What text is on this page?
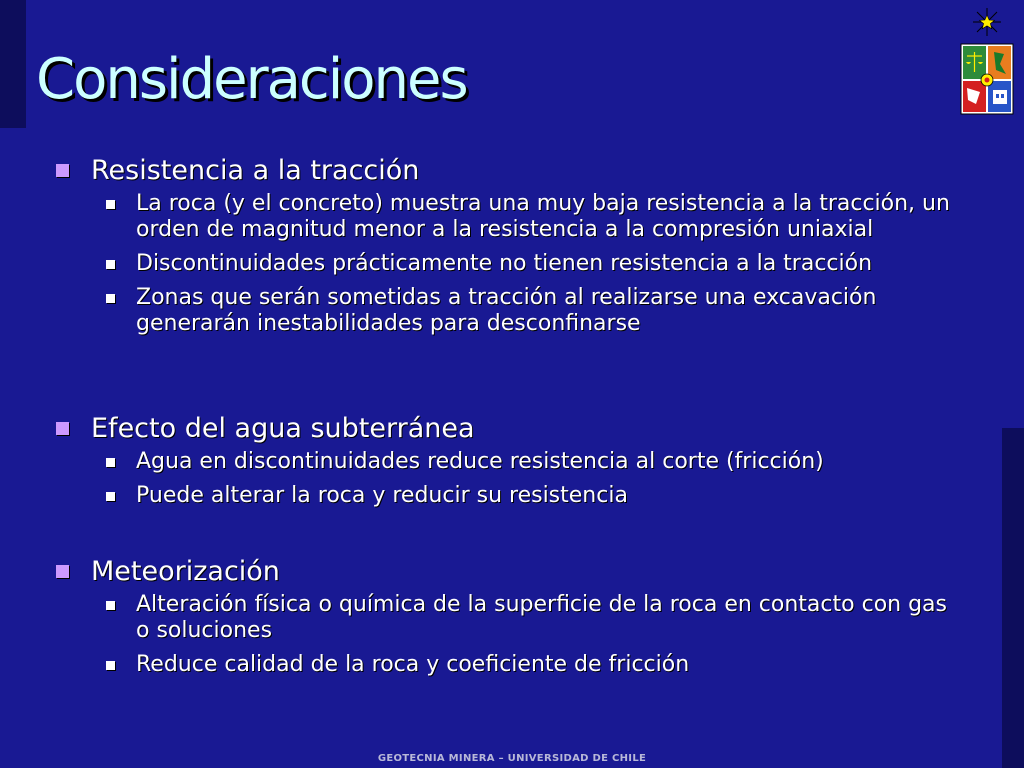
Consideraciones
Resistencia a la tracción
La roca (y el concreto) muestra una muy baja resistencia a la tracción, un orden de magnitud menor a la resistencia a la compresión uniaxial
Discontinuidades prácticamente no tienen resistencia a la tracción
Zonas que serán sometidas a tracción al realizarse una excavación generarán inestabilidades para desconfinarse
Efecto del agua subterránea
Agua en discontinuidades reduce resistencia al corte (fricción)
Puede alterar la roca y reducir su resistencia
Meteorización
Alteración física o química de la superficie de la roca en contacto con gas o soluciones
Reduce calidad de la roca y coeficiente de fricción
GEOTECNIA MINERA – UNIVERSIDAD DE CHILE
